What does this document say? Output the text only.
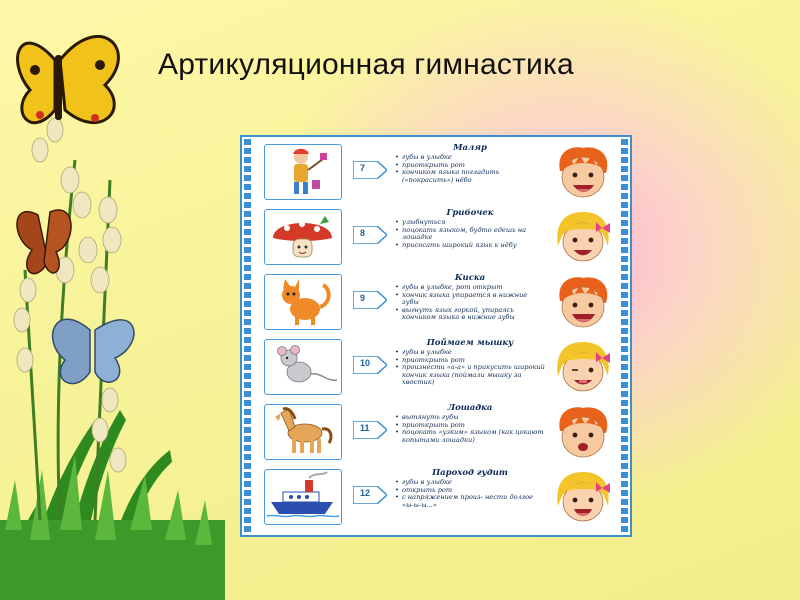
Артикуляционная гимнастика
7
Маляр
• губы в улыбке
• приоткрыть рот
• кончиком языка погладить («покрасить») нёбо
8
Грибочек
• улыбнуться
• поцокать языком, будто едешь на лошадке
• присосать широкий язык к нёбу
9
Киска
• губы в улыбке, рот открыт
• кончик языка упирается в нижние зубы
• выгнуть язык горкой, упираясь кончиком языка в нижние зубы
10
Поймаем мышку
• губы в улыбке
• приоткрыть рот
• произнести «а-а» и прикусить широкий кончик языка (поймали мышку за хвостик)
11
Лошадка
• вытянуть губы
• приоткрыть рот
• поцокать «узким» языком (как цокают копытами лошадки)
12
Пароход гудит
• губы в улыбке
• открыть рот
• с напряжением произ- нести долгое «ы-ы-ы...»
